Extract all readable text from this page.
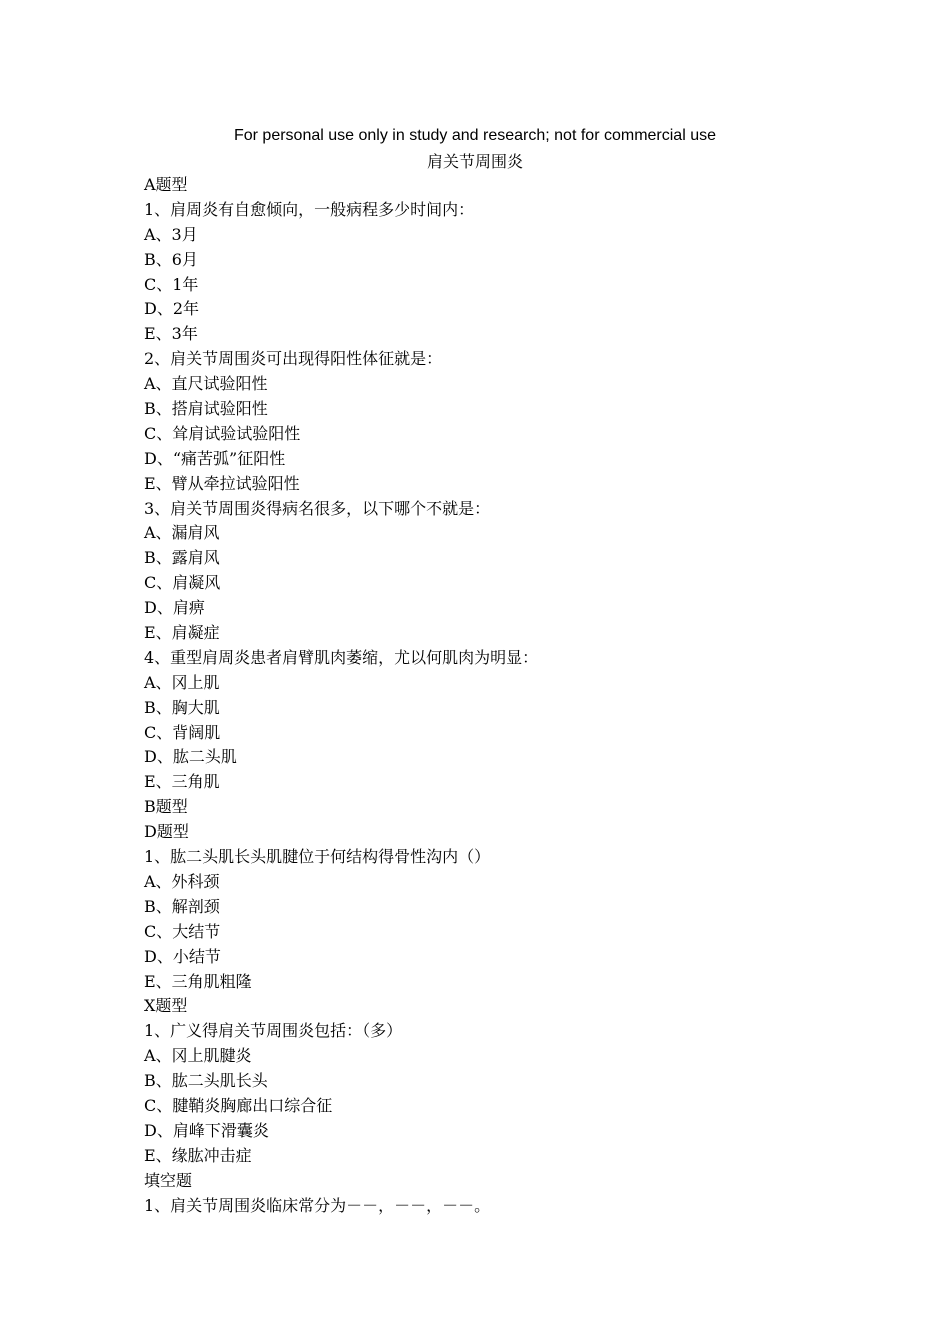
For personal use only in study and research; not for commercial use
肩关节周围炎
A题型
1、肩周炎有自愈倾向，一般病程多少时间内：
A、3月
B、6月
C、1年
D、2年
E、3年
2、肩关节周围炎可出现得阳性体征就是：
A、直尺试验阳性
B、搭肩试验阳性
C、耸肩试验试验阳性
D、“痛苦弧”征阳性
E、臂从牵拉试验阳性
3、肩关节周围炎得病名很多，以下哪个不就是：
A、漏肩风
B、露肩风
C、肩凝风
D、肩痹
E、肩凝症
4、重型肩周炎患者肩臂肌肉萎缩，尤以何肌肉为明显：
A、冈上肌
B、胸大肌
C、背阔肌
D、肱二头肌
E、三角肌
B题型
D题型
1、肱二头肌长头肌腱位于何结构得骨性沟内（）
A、外科颈
B、解剖颈
C、大结节
D、小结节
E、三角肌粗隆
X题型
1、广义得肩关节周围炎包括：（多）
A、冈上肌腱炎
B、肱二头肌长头
C、腱鞘炎胸廊出口综合征
D、肩峰下滑囊炎
E、缘肱冲击症
填空题
1、肩关节周围炎临床常分为－－，－－，－－。
